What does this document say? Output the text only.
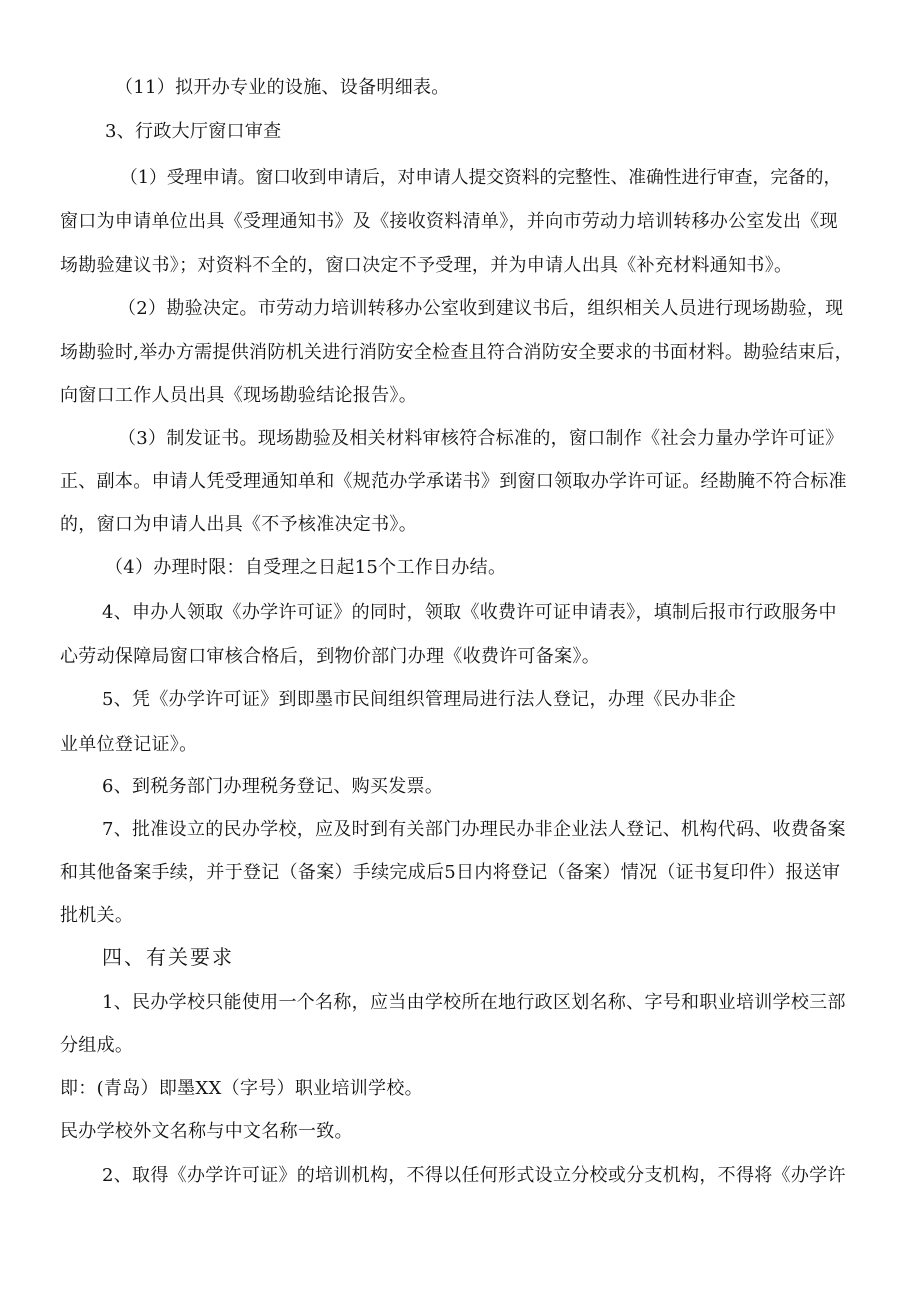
（11）拟开办专业的设施、设备明细表。
3、行政大厅窗口审查
（1）受理申请。窗口收到申请后，对申请人提交资料的完整性、准确性进行审查，完备的，
窗口为申请单位出具《受理通知书》及《接收资料清单》，并向市劳动力培训转移办公室发出《现
场勘验建议书》；对资料不全的，窗口决定不予受理，并为申请人出具《补充材料通知书》。
（2）勘验决定。市劳动力培训转移办公室收到建议书后，组织相关人员进行现场勘验，现
场勘验时,举办方需提供消防机关进行消防安全检查且符合消防安全要求的书面材料。勘验结束后，
向窗口工作人员出具《现场勘验结论报告》。
（3）制发证书。现场勘验及相关材料审核符合标准的，窗口制作《社会力量办学许可证》
正、副本。申请人凭受理通知单和《规范办学承诺书》到窗口领取办学许可证。经勘腌不符合标准
的，窗口为申请人出具《不予核准决定书》。
（4）办理时限：自受理之日起15个工作日办结。
4、申办人领取《办学许可证》的同时，领取《收费许可证申请表》，填制后报市行政服务中
心劳动保障局窗口审核合格后，到物价部门办理《收费许可备案》。
5、凭《办学许可证》到即墨市民间组织管理局进行法人登记，办理《民办非企
业单位登记证》。
6、到税务部门办理税务登记、购买发票。
7、批准设立的民办学校，应及时到有关部门办理民办非企业法人登记、机构代码、收费备案
和其他备案手续，并于登记（备案）手续完成后5日内将登记（备案）情况（证书复印件）报送审
批机关。
四、有关要求
1、民办学校只能使用一个名称，应当由学校所在地行政区划名称、字号和职业培训学校三部
分组成。
即：(青岛）即墨XX（字号）职业培训学校。
民办学校外文名称与中文名称一致。
2、取得《办学许可证》的培训机构，不得以任何形式设立分校或分支机构，不得将《办学许
